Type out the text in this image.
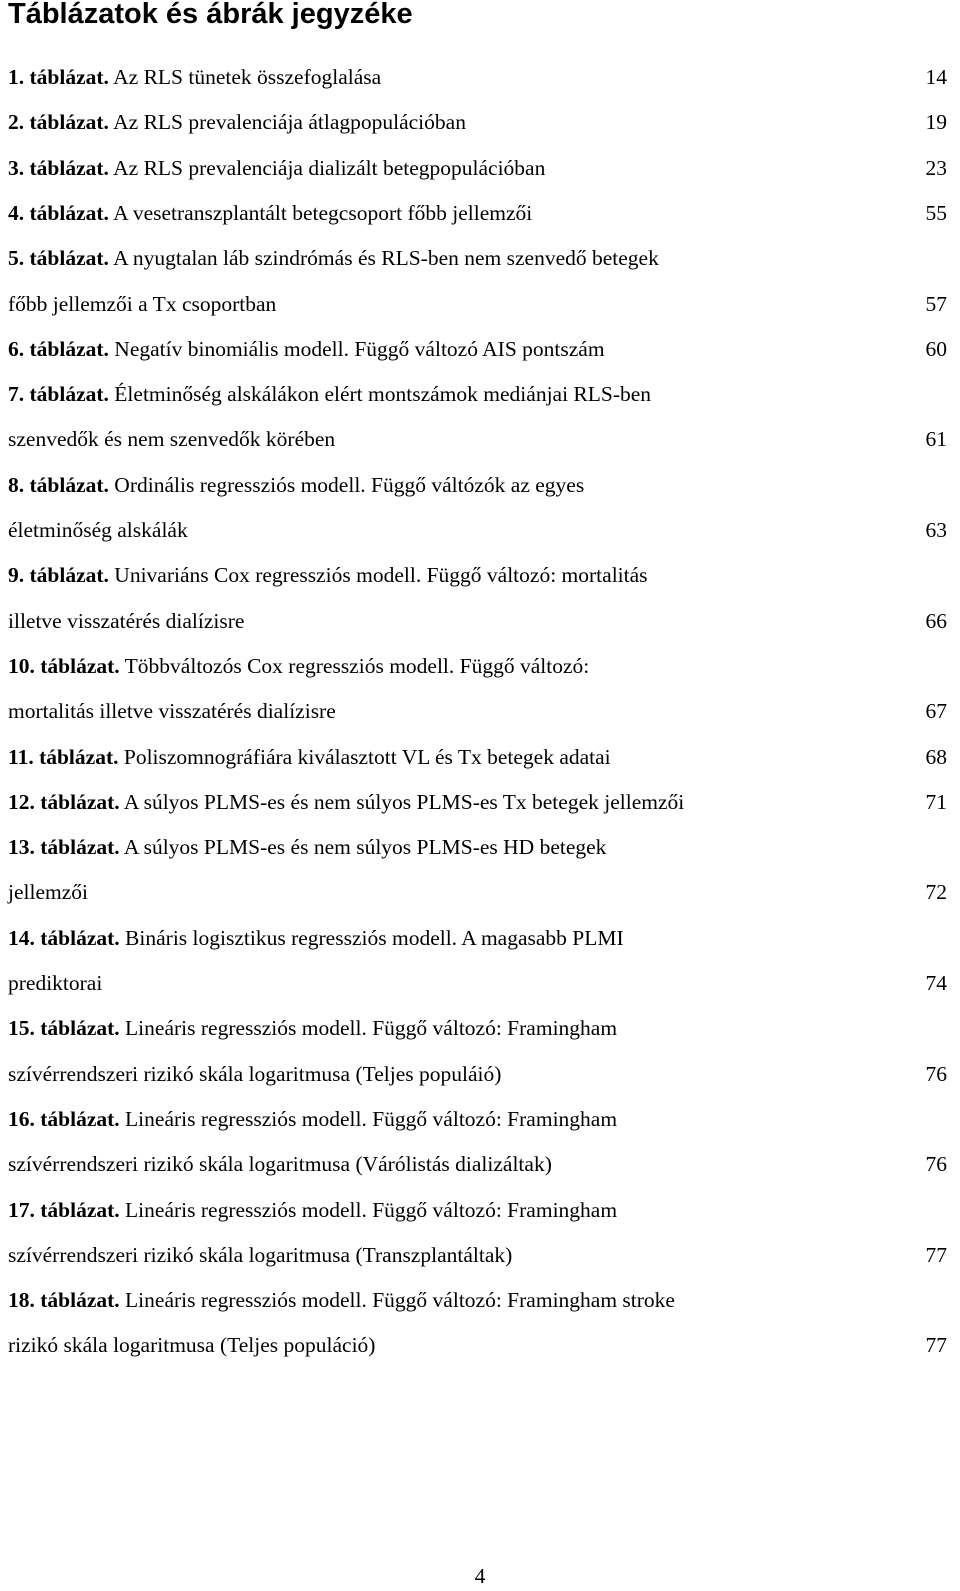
Táblázatok és ábrák jegyzéke
1. táblázat. Az RLS tünetek összefoglalása	14
2. táblázat. Az RLS prevalenciája átlagpopulációban	19
3. táblázat. Az RLS prevalenciája dializált betegpopulációban	23
4. táblázat. A vesetranszplantált betegcsoport főbb jellemzői	55
5. táblázat. A nyugtalan láb szindrómás és RLS-ben nem szenvedő betegek
főbb jellemzői a Tx csoportban	57
6. táblázat. Negatív binomiális modell. Függő változó AIS pontszám	60
7. táblázat. Életminőség alskálákon elért montszámok mediánjai RLS-ben
szenvedők és nem szenvedők körében	61
8. táblázat. Ordinális regressziós modell. Függő váltózók az egyes
életminőség alskálák	63
9. táblázat. Univariáns Cox regressziós modell. Függő változó: mortalitás
illetve visszatérés dialízisre	66
10. táblázat. Többváltozós Cox regressziós modell. Függő változó:
mortalitás illetve visszatérés dialízisre	67
11. táblázat. Poliszomnográfiára kiválasztott VL és Tx betegek adatai	68
12. táblázat. A súlyos PLMS-es és nem súlyos PLMS-es Tx betegek jellemzői	71
13. táblázat. A súlyos PLMS-es és nem súlyos PLMS-es HD betegek
jellemzői	72
14. táblázat. Bináris logisztikus regressziós modell. A magasabb PLMI
prediktorai	74
15. táblázat. Lineáris regressziós modell. Függő változó: Framingham
szívérrendszeri rizikó skála logaritmusa (Teljes populáió)	76
16. táblázat. Lineáris regressziós modell. Függő változó: Framingham
szívérrendszeri rizikó skála logaritmusa (Várólistás dializáltak)	76
17. táblázat. Lineáris regressziós modell. Függő változó: Framingham
szívérrendszeri rizikó skála logaritmusa (Transzplantáltak)	77
18. táblázat. Lineáris regressziós modell. Függő változó: Framingham stroke
rizikó skála logaritmusa (Teljes populáció)	77
4
